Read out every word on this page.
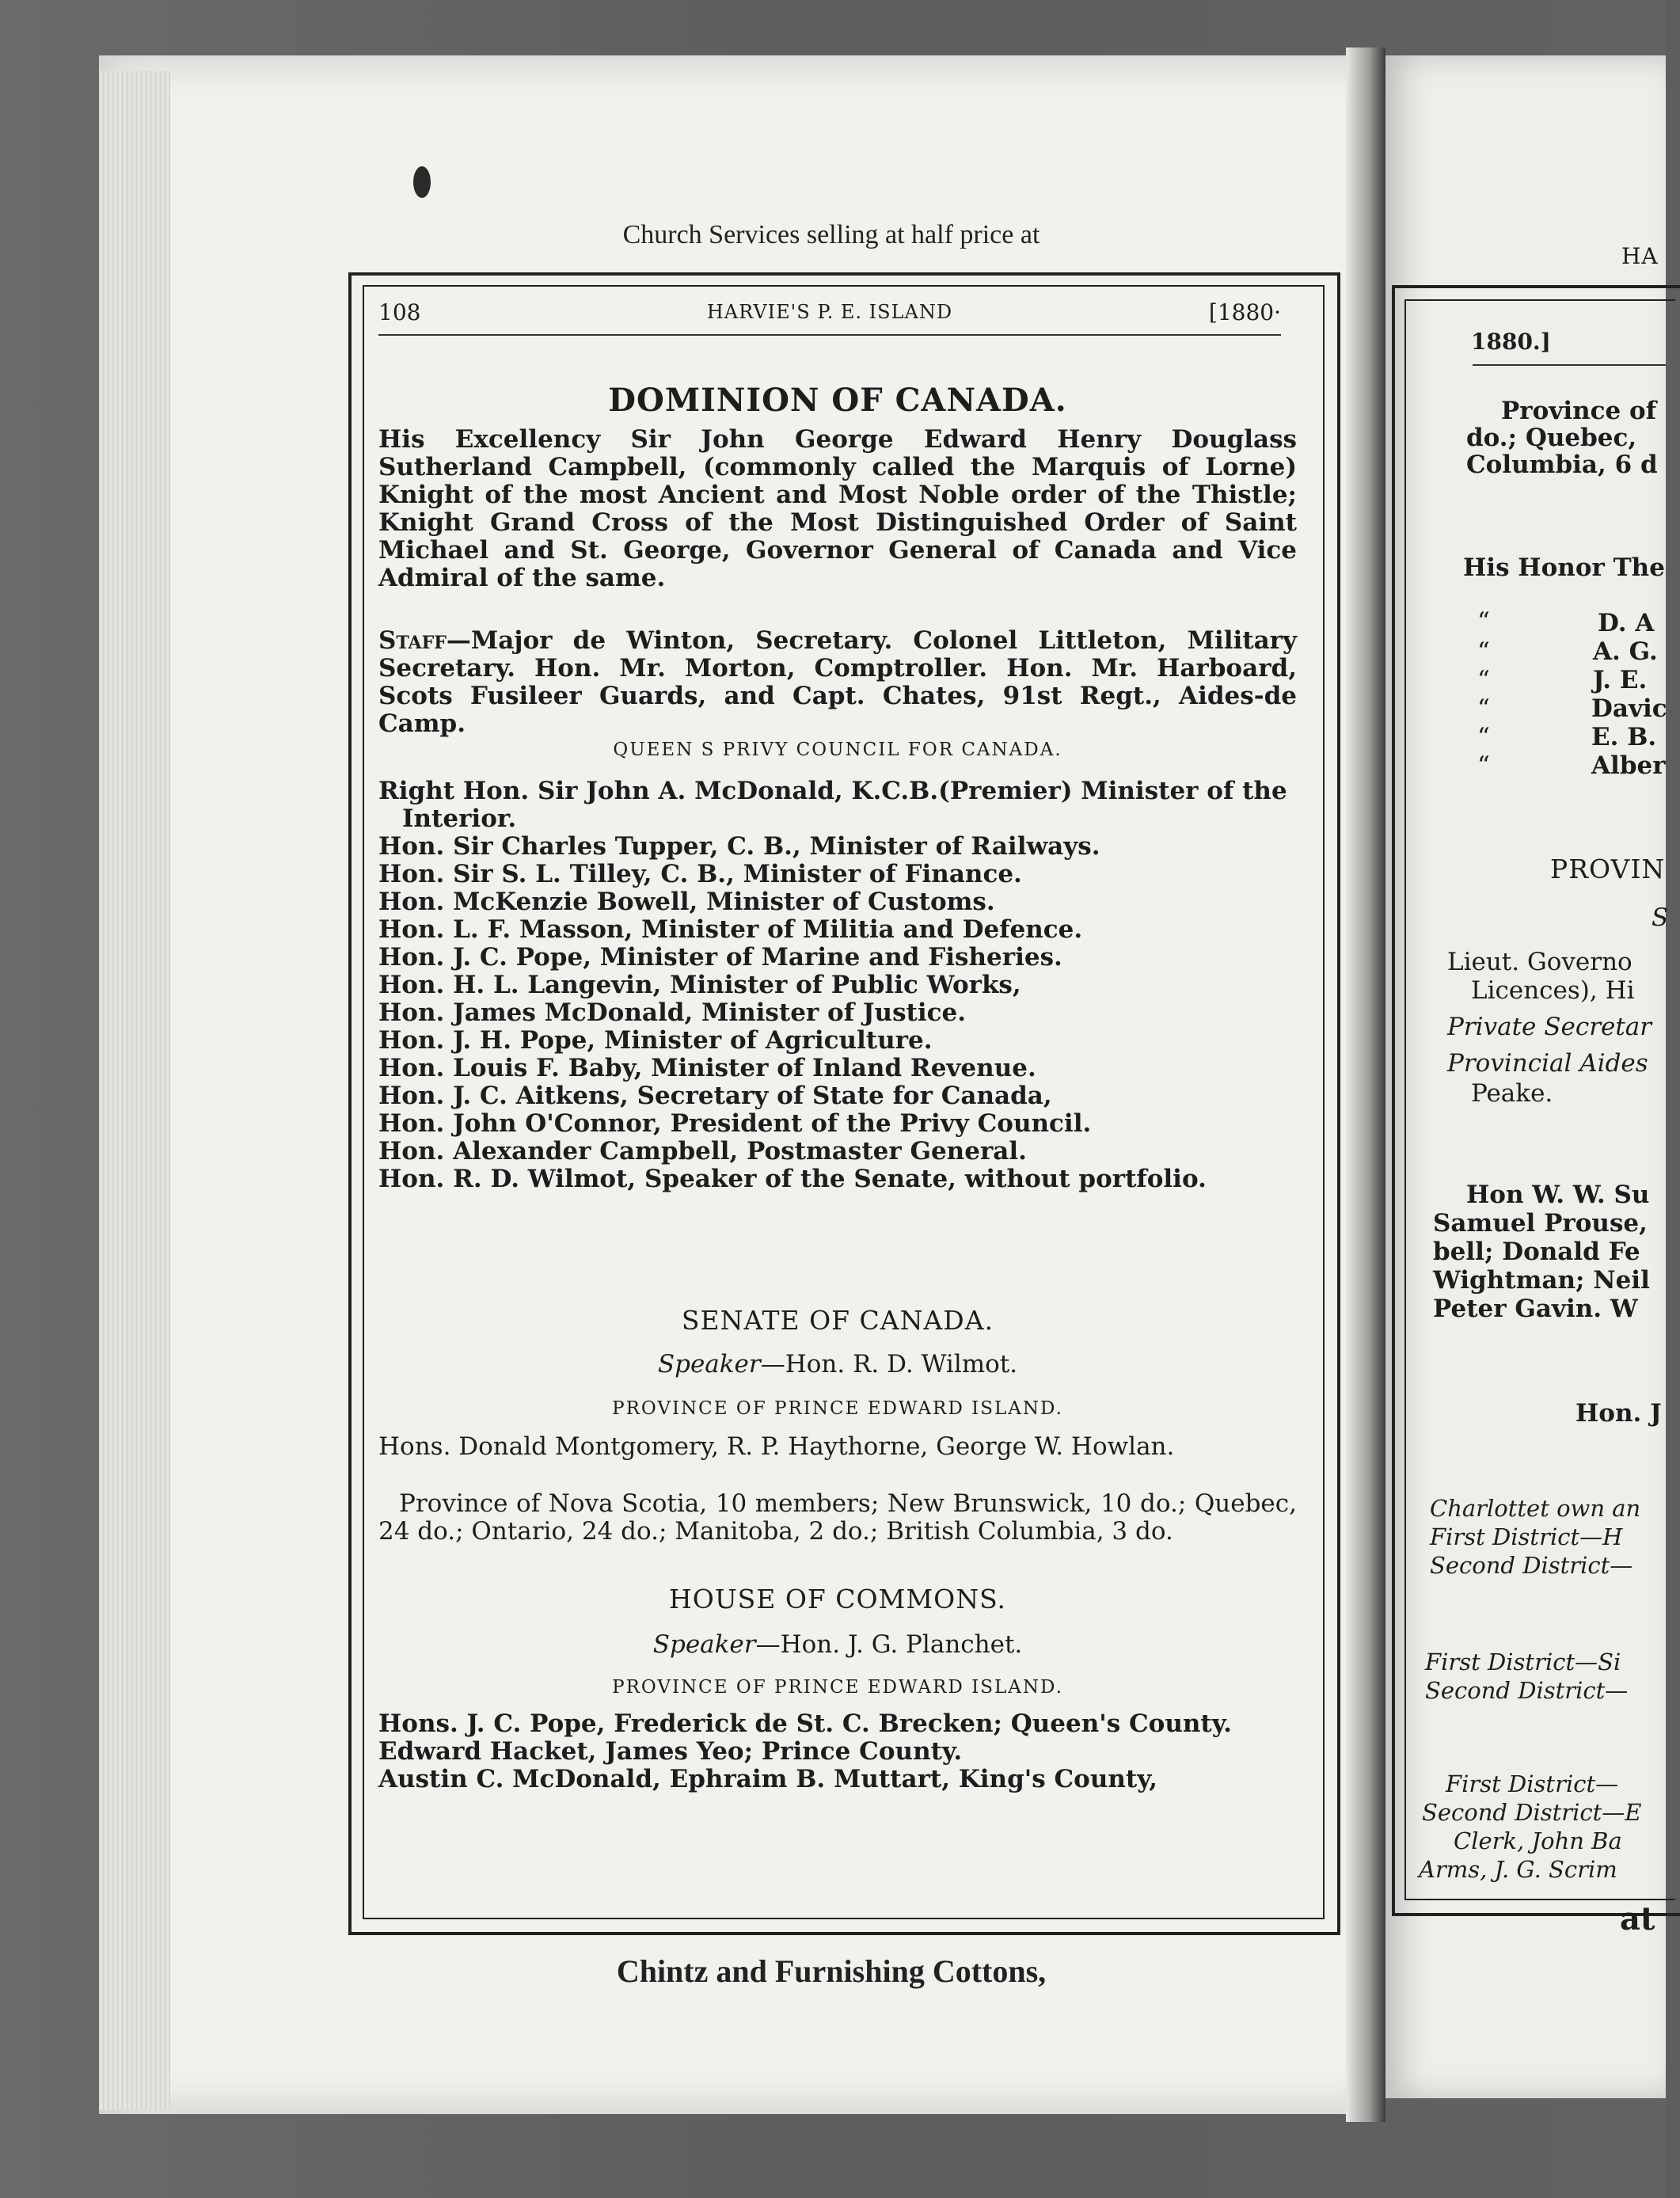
Church Services selling at half price at
108	HARVIE'S P. E. ISLAND	[1880·
DOMINION OF CANADA.
His Excellency Sir John George Edward Henry Douglass Sutherland Campbell, (commonly called the Marquis of Lorne) Knight of the most Ancient and Most Noble order of the Thistle; Knight Grand Cross of the Most Distinguished Order of Saint Michael and St. George, Governor General of Canada and Vice Admiral of the same.
Staff—Major de Winton, Secretary. Colonel Littleton, Military Secretary. Hon. Mr. Morton, Comptroller. Hon. Mr. Harboard, Scots Fusileer Guards, and Capt. Chates, 91st Regt., Aides-de Camp.
QUEEN S PRIVY COUNCIL FOR CANADA.
Right Hon. Sir John A. McDonald, K.C.B.(Premier) Minister of the Interior.
Hon. Sir Charles Tupper, C. B., Minister of Railways.
Hon. Sir S. L. Tilley, C. B., Minister of Finance.
Hon. McKenzie Bowell, Minister of Customs.
Hon. L. F. Masson, Minister of Militia and Defence.
Hon. J. C. Pope, Minister of Marine and Fisheries.
Hon. H. L. Langevin, Minister of Public Works,
Hon. James McDonald, Minister of Justice.
Hon. J. H. Pope, Minister of Agriculture.
Hon. Louis F. Baby, Minister of Inland Revenue.
Hon. J. C. Aitkens, Secretary of State for Canada,
Hon. John O'Connor, President of the Privy Council.
Hon. Alexander Campbell, Postmaster General.
Hon. R. D. Wilmot, Speaker of the Senate, without portfolio.
SENATE OF CANADA.
Speaker—Hon. R. D. Wilmot.
PROVINCE OF PRINCE EDWARD ISLAND.
Hons. Donald Montgomery, R. P. Haythorne, George W. Howlan.
Province of Nova Scotia, 10 members; New Brunswick, 10 do.; Quebec, 24 do.; Ontario, 24 do.; Manitoba, 2 do.; British Columbia, 3 do.
HOUSE OF COMMONS.
Speaker—Hon. J. G. Planchet.
PROVINCE OF PRINCE EDWARD ISLAND.
Hons. J. C. Pope, Frederick de St. C. Brecken; Queen's County.
Edward Hacket, James Yeo; Prince County.
Austin C. McDonald, Ephraim B. Muttart, King's County,
Chintz and Furnishing Cottons,
HA
1880.]
Province of
do.; Quebec,
Columbia, 6 d
His Honor The
“	D. A
“	A. G.
“	J. E.
“	Davic
“	E. B.
“	Alber
PROVIN
S
Lieut. Governo
Licences), Hi
Private Secretar
Provincial Aides
Peake.
Hon W. W. Su
Samuel Prouse,
bell; Donald Fe
Wightman; Neil
Peter Gavin. W
Hon. J
Charlottet own an
First District—H
Second District—
First District—Si
Second District—
First District—
Second District—E
Clerk, John Ba
Arms, J. G. Scrim
at
